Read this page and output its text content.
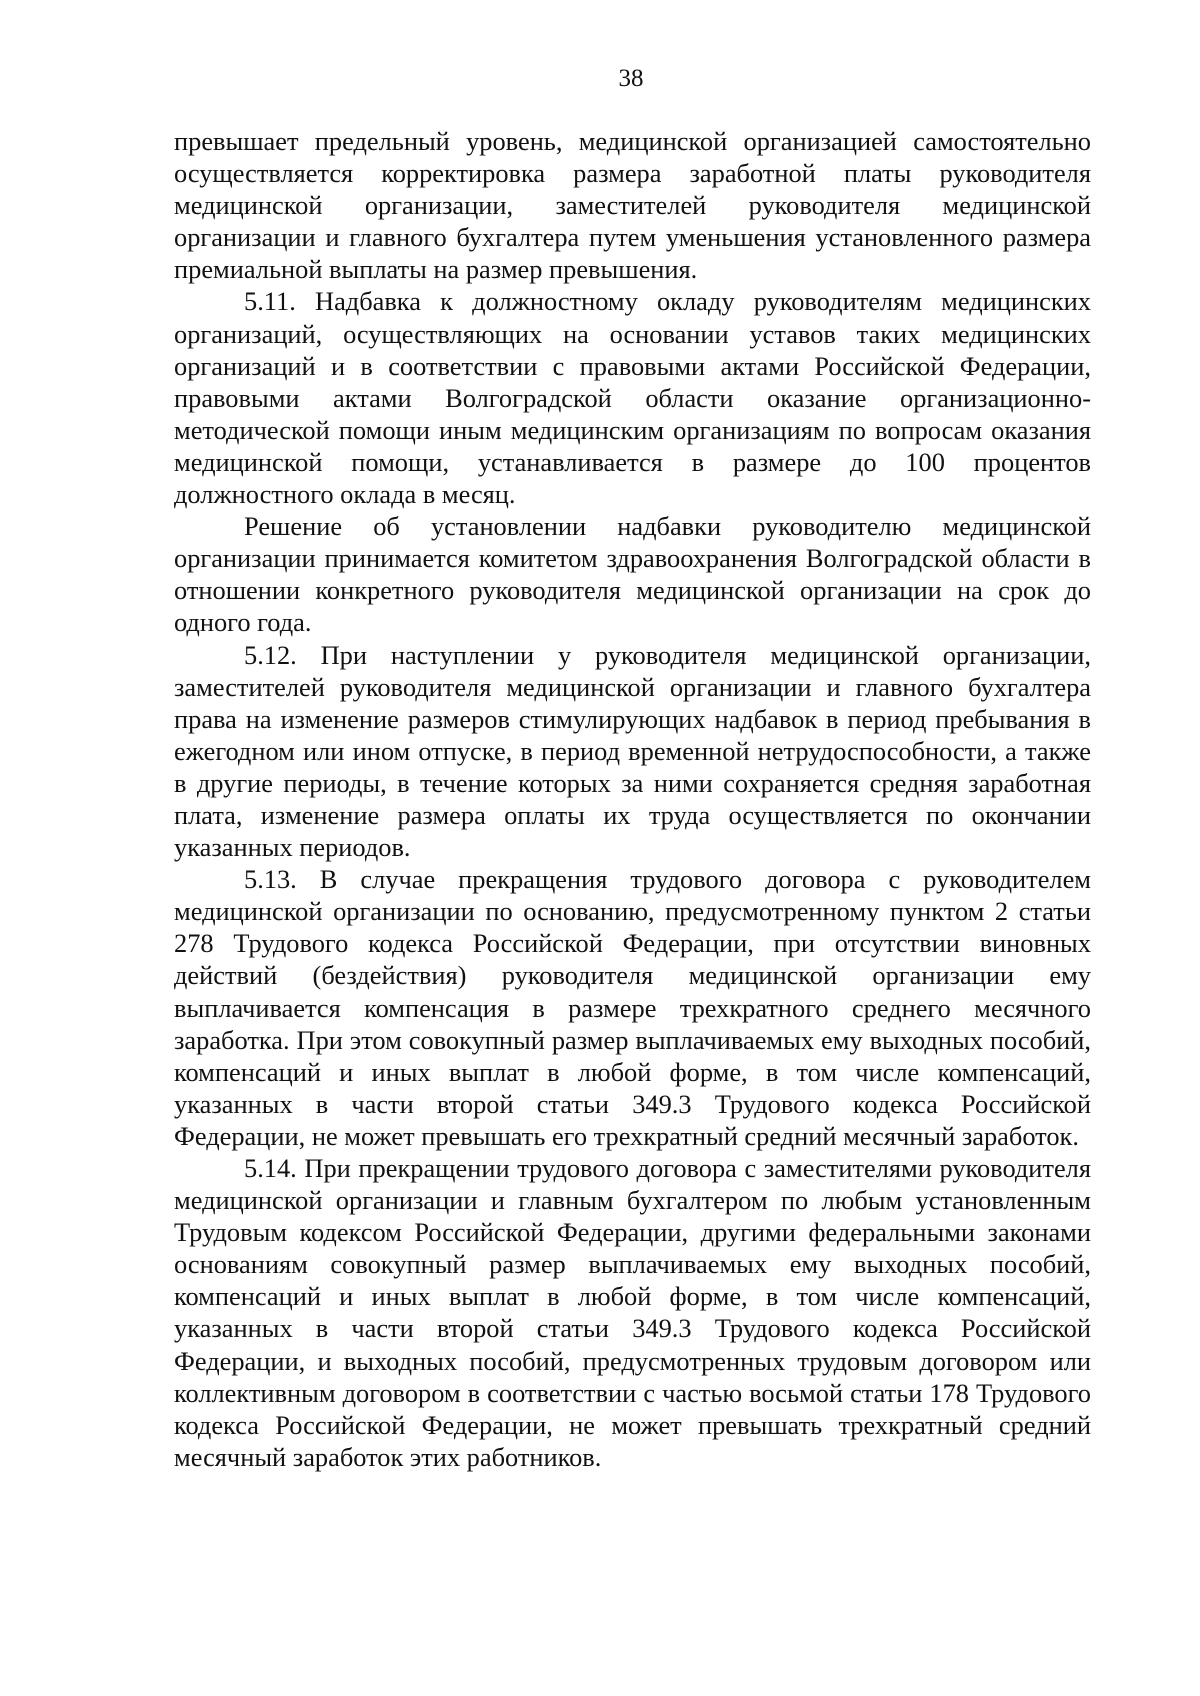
38

превышает предельный уровень, медицинской организацией самостоятельно осуществляется корректировка размера заработной платы руководителя медицинской организации, заместителей руководителя медицинской организации и главного бухгалтера путем уменьшения установленного размера премиальной выплаты на размер превышения.

5.11. Надбавка к должностному окладу руководителям медицинских организаций, осуществляющих на основании уставов таких медицинских организаций и в соответствии с правовыми актами Российской Федерации, правовыми актами Волгоградской области оказание организационно-методической помощи иным медицинским организациям по вопросам оказания медицинской помощи, устанавливается в размере до 100 процентов должностного оклада в месяц.

Решение об установлении надбавки руководителю медицинской организации принимается комитетом здравоохранения Волгоградской области в отношении конкретного руководителя медицинской организации на срок до одного года.

5.12. При наступлении у руководителя медицинской организации, заместителей руководителя медицинской организации и главного бухгалтера права на изменение размеров стимулирующих надбавок в период пребывания в ежегодном или ином отпуске, в период временной нетрудоспособности, а также в другие периоды, в течение которых за ними сохраняется средняя заработная плата, изменение размера оплаты их труда осуществляется по окончании указанных периодов.

5.13. В случае прекращения трудового договора с руководителем медицинской организации по основанию, предусмотренному пунктом 2 статьи 278 Трудового кодекса Российской Федерации, при отсутствии виновных действий (бездействия) руководителя медицинской организации ему выплачивается компенсация в размере трехкратного среднего месячного заработка. При этом совокупный размер выплачиваемых ему выходных пособий, компенсаций и иных выплат в любой форме, в том числе компенсаций, указанных в части второй статьи 349.3 Трудового кодекса Российской Федерации, не может превышать его трехкратный средний месячный заработок.

5.14. При прекращении трудового договора с заместителями руководителя медицинской организации и главным бухгалтером по любым установленным Трудовым кодексом Российской Федерации, другими федеральными законами основаниям совокупный размер выплачиваемых ему выходных пособий, компенсаций и иных выплат в любой форме, в том числе компенсаций, указанных в части второй статьи 349.3 Трудового кодекса Российской Федерации, и выходных пособий, предусмотренных трудовым договором или коллективным договором в соответствии с частью восьмой статьи 178 Трудового кодекса Российской Федерации, не может превышать трехкратный средний месячный заработок этих работников.
